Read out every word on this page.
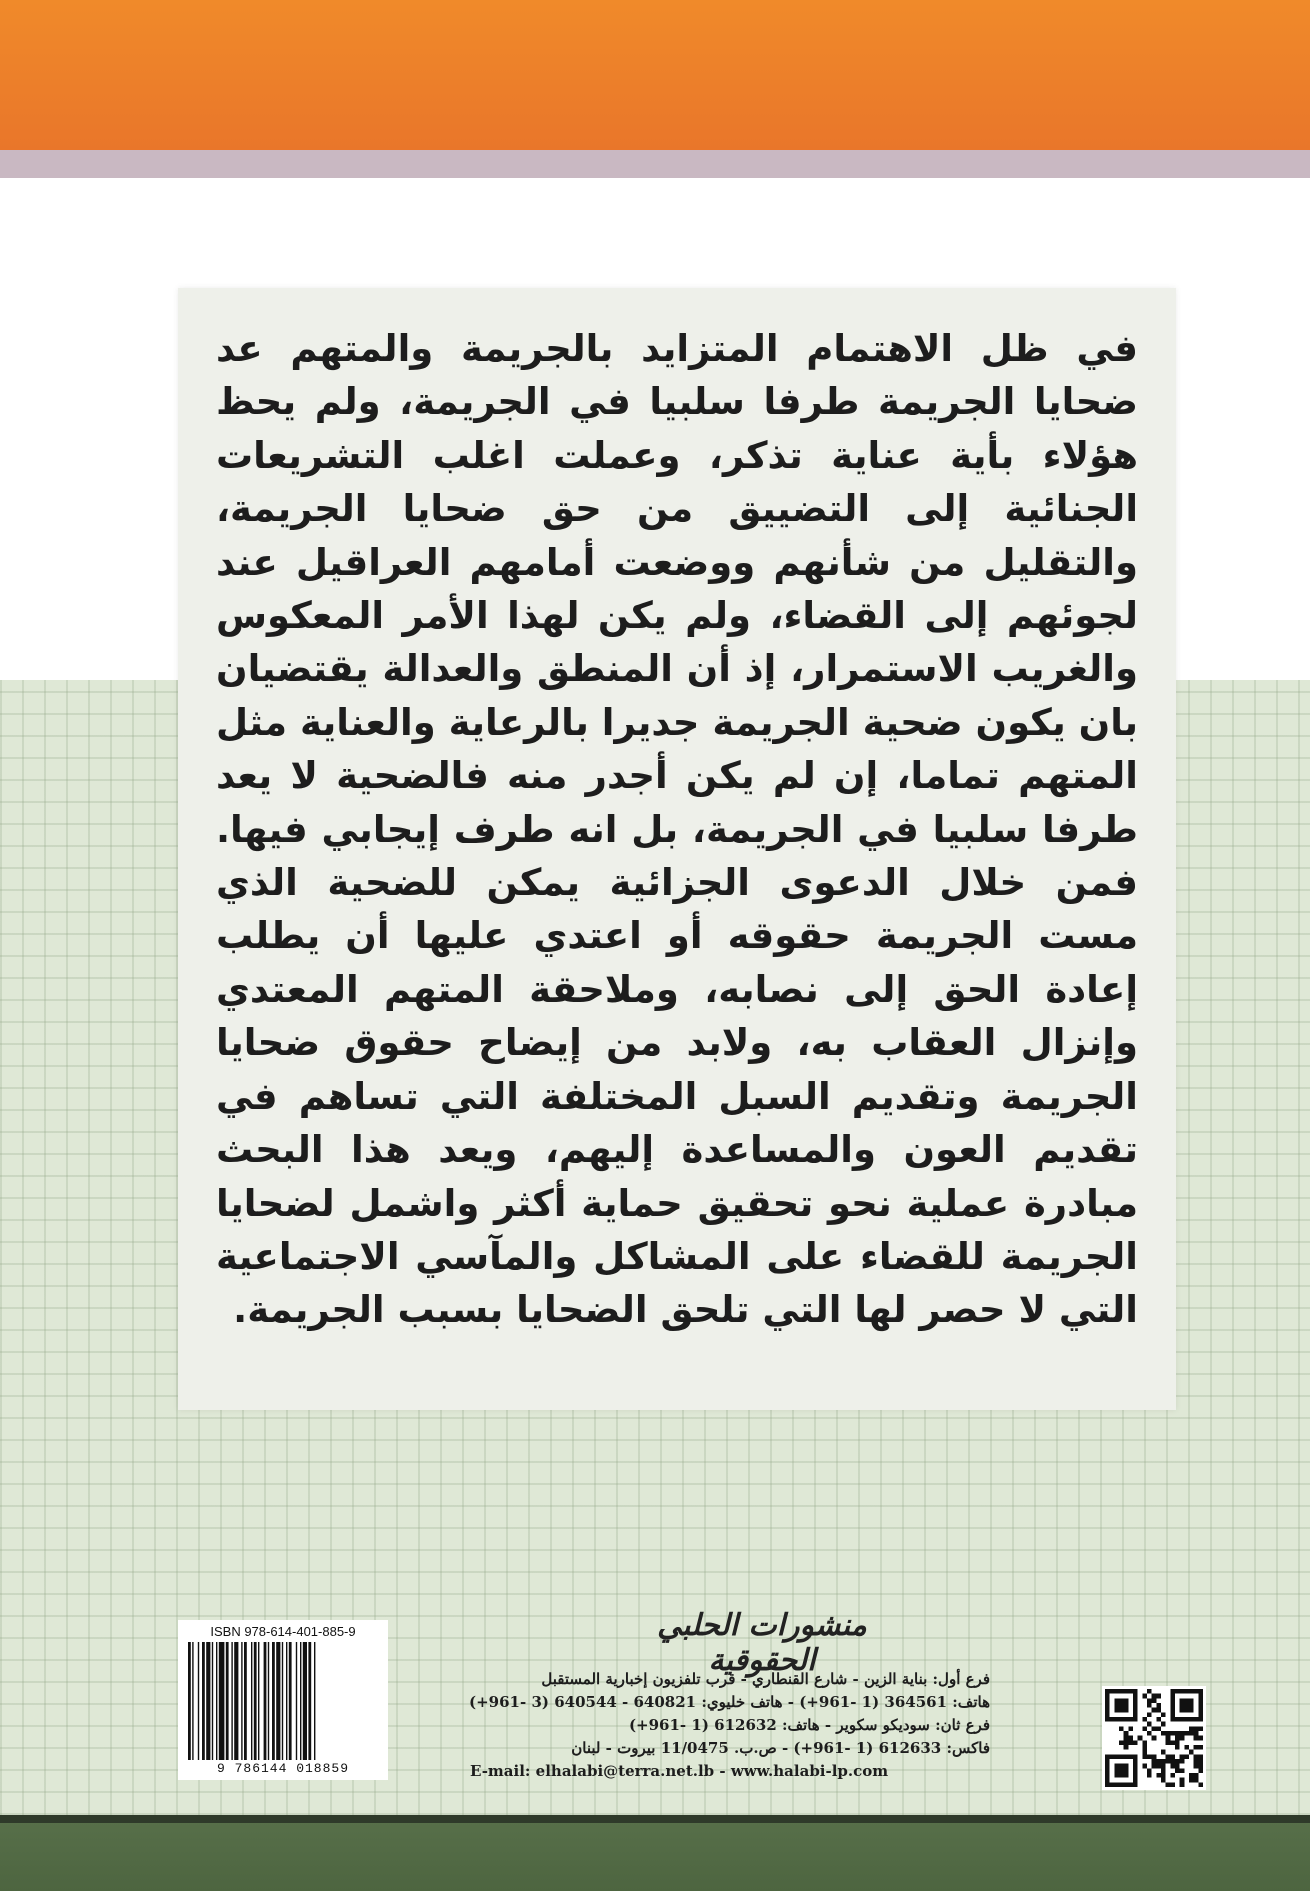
في ظل الاهتمام المتزايد بالجريمة والمتهم عد ضحايا الجريمة طرفا سلبيا في الجريمة، ولم يحظ هؤلاء بأية عناية تذكر، وعملت اغلب التشريعات الجنائية إلى التضييق من حق ضحايا الجريمة، والتقليل من شأنهم ووضعت أمامهم العراقيل عند لجوئهم إلى القضاء، ولم يكن لهذا الأمر المعكوس والغريب الاستمرار، إذ أن المنطق والعدالة يقتضيان بان يكون ضحية الجريمة جديرا بالرعاية والعناية مثل المتهم تماما، إن لم يكن أجدر منه فالضحية لا يعد طرفا سلبيا في الجريمة، بل انه طرف إيجابي فيها. فمن خلال الدعوى الجزائية يمكن للضحية الذي مست الجريمة حقوقه أو اعتدي عليها أن يطلب إعادة الحق إلى نصابه، وملاحقة المتهم المعتدي وإنزال العقاب به، ولابد من إيضاح حقوق ضحايا الجريمة وتقديم السبل المختلفة التي تساهم في تقديم العون والمساعدة إليهم، ويعد هذا البحث مبادرة عملية نحو تحقيق حماية أكثر واشمل لضحايا الجريمة للقضاء على المشاكل والمآسي الاجتماعية التي لا حصر لها التي تلحق الضحايا بسبب الجريمة.

ISBN 978-614-401-885-9
9 786144 018859
منشورات الحلبي الحقوقية
فرع أول: بناية الزين - شارع القنطاري - قرب تلفزيون إخبارية المستقبل
هاتف: 364561 (1 -961+) - هاتف خليوي: 640821 - 640544 (3 -961+)
فرع ثان: سوديكو سكوير - هاتف: 612632 (1 -961+)
فاكس: 612633 (1 -961+) - ص.ب. 11/0475 بيروت - لبنان
E-mail: elhalabi@terra.net.lb - www.halabi-lp.com
